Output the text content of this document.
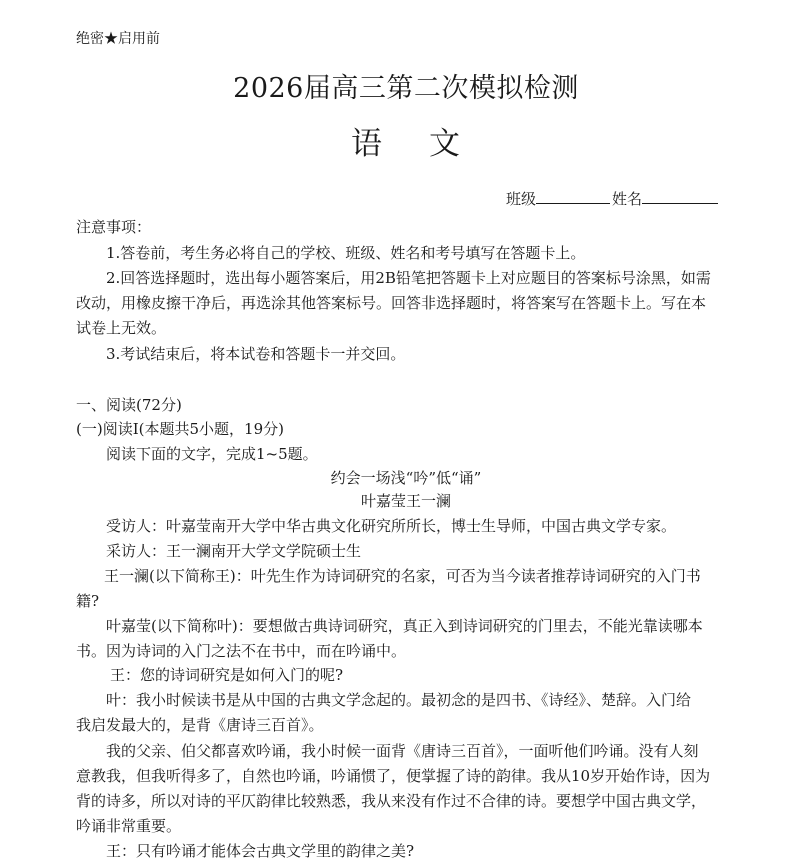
绝密★启用前
2026届高三第二次模拟检测
语 文
班级	姓名
注意事项：
1.答卷前，考生务必将自己的学校、班级、姓名和考号填写在答题卡上。
2.回答选择题时，选出每小题答案后，用2B铅笔把答题卡上对应题目的答案标号涂黑，如需
改动，用橡皮擦干净后，再选涂其他答案标号。回答非选择题时，将答案写在答题卡上。写在本
试卷上无效。
3.考试结束后，将本试卷和答题卡一并交回。
一、阅读(72分)
(一)阅读Ⅰ(本题共5小题，19分)
阅读下面的文字，完成1~5题。
约会一场浅“吟”低“诵”
叶嘉莹王一澜
受访人：叶嘉莹南开大学中华古典文化研究所所长，博士生导师，中国古典文学专家。
采访人：王一澜南开大学文学院硕士生
王一澜(以下简称王)：叶先生作为诗词研究的名家，可否为当今读者推荐诗词研究的入门书
籍?
叶嘉莹(以下简称叶)：要想做古典诗词研究，真正入到诗词研究的门里去，不能光靠读哪本
书。因为诗词的入门之法不在书中，而在吟诵中。
王：您的诗词研究是如何入门的呢?
叶：我小时候读书是从中国的古典文学念起的。最初念的是四书、《诗经》、楚辞。入门给
我启发最大的，是背《唐诗三百首》。
我的父亲、伯父都喜欢吟诵，我小时候一面背《唐诗三百首》，一面听他们吟诵。没有人刻
意教我，但我听得多了，自然也吟诵，吟诵惯了，便掌握了诗的韵律。我从10岁开始作诗，因为
背的诗多，所以对诗的平仄韵律比较熟悉，我从来没有作过不合律的诗。要想学中国古典文学，
吟诵非常重要。
王：只有吟诵才能体会古典文学里的韵律之美?
